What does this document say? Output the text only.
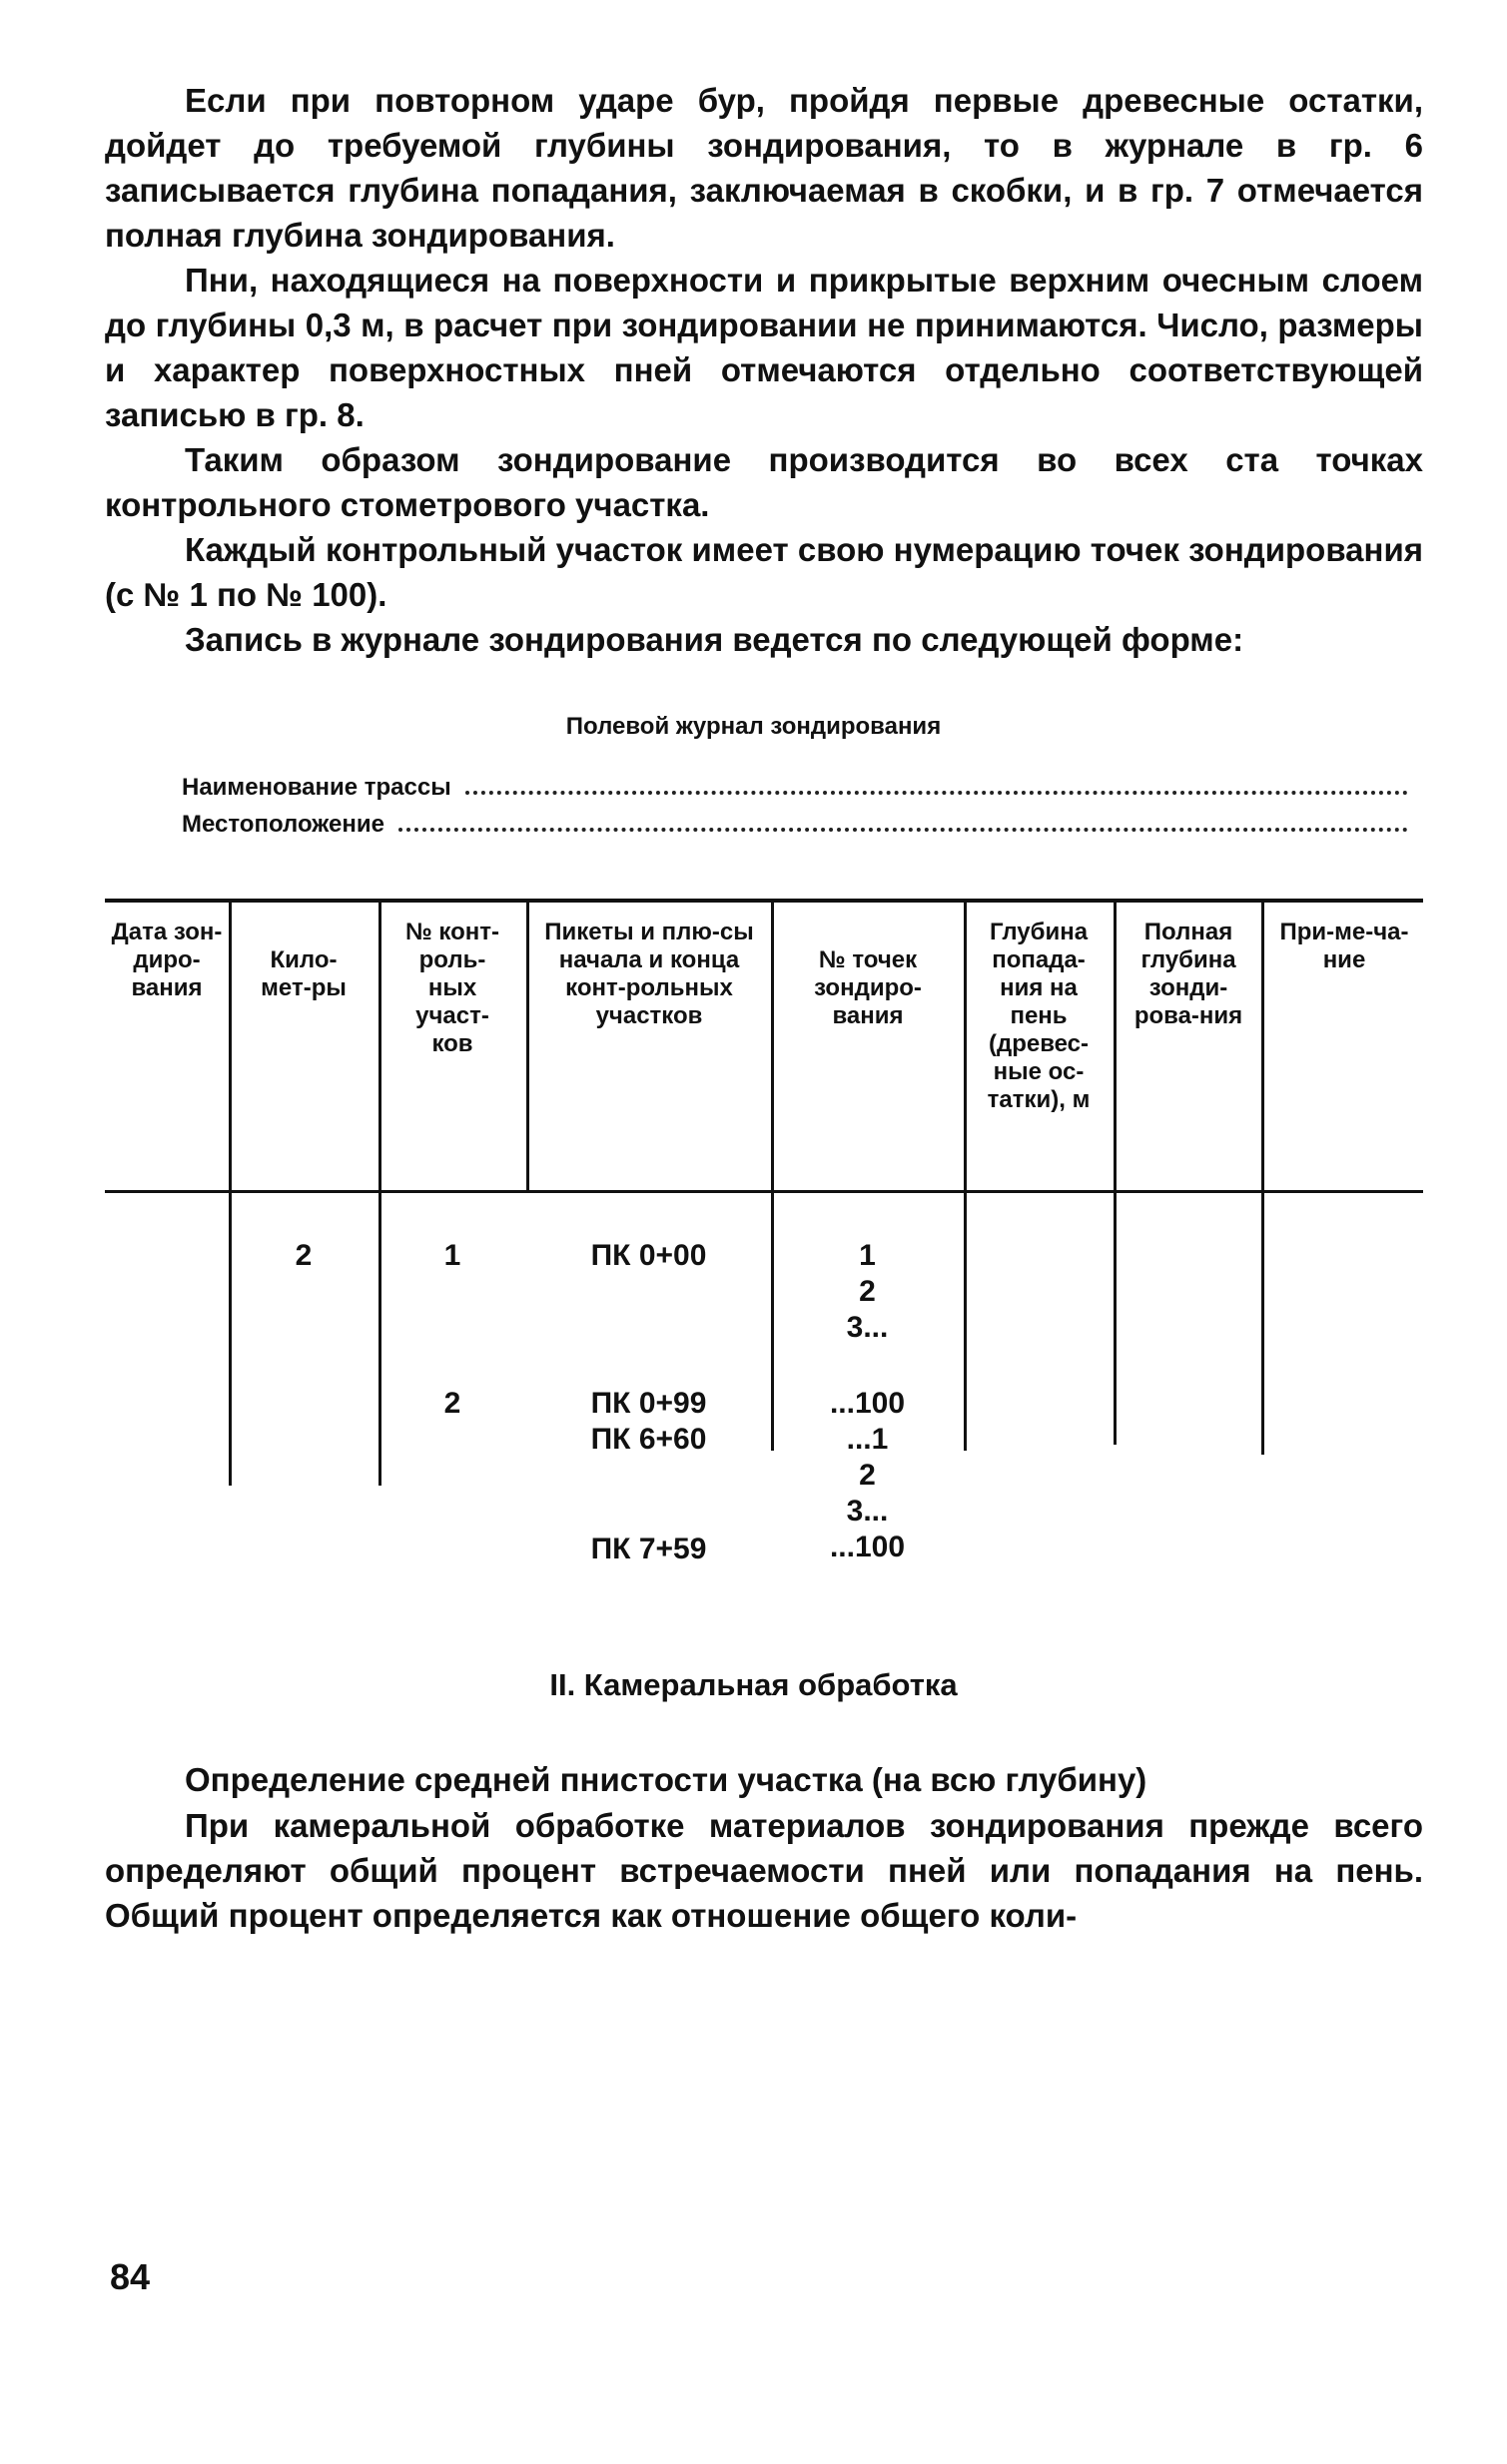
Если при повторном ударе бур, пройдя первые древесные остатки, дойдет до требуемой глубины зондирования, то в журнале в гр. 6 записывается глубина попадания, заключаемая в скобки, и в гр. 7 отмечается полная глубина зондирования.
Пни, находящиеся на поверхности и прикрытые верхним очесным слоем до глубины 0,3 м, в расчет при зондировании не принимаются. Число, размеры и характер поверхностных пней отмечаются отдельно соответствующей записью в гр. 8.
Таким образом зондирование производится во всех ста точках контрольного стометрового участка.
Каждый контрольный участок имеет свою нумерацию точек зондирования (с № 1 по № 100).
Запись в журнале зондирования ведется по следующей форме:
Полевой журнал зондирования
Наименование трассы
Местоположение
Дата зон-диро-вания
Кило-мет-ры
№ конт-роль-ных участ-ков
Пикеты и плю-сы начала и конца конт-рольных участков
№ точек зондиро-вания
Глубина попада-ния на пень (древес-ные ос-татки), м
Полная глубина зонди-рова-ния
При-ме-ча-ние
2	1
2
ПК 0+00
ПК 0+99
ПК 6+60
ПК 7+59
1
2
3...
...100
...1
2
3...
...100
II. Камеральная обработка
Определение средней пнистости участка (на всю глубину)
При камеральной обработке материалов зондирования прежде всего определяют общий процент встречаемости пней или попадания на пень. Общий процент определяется как отношение общего коли-
84
